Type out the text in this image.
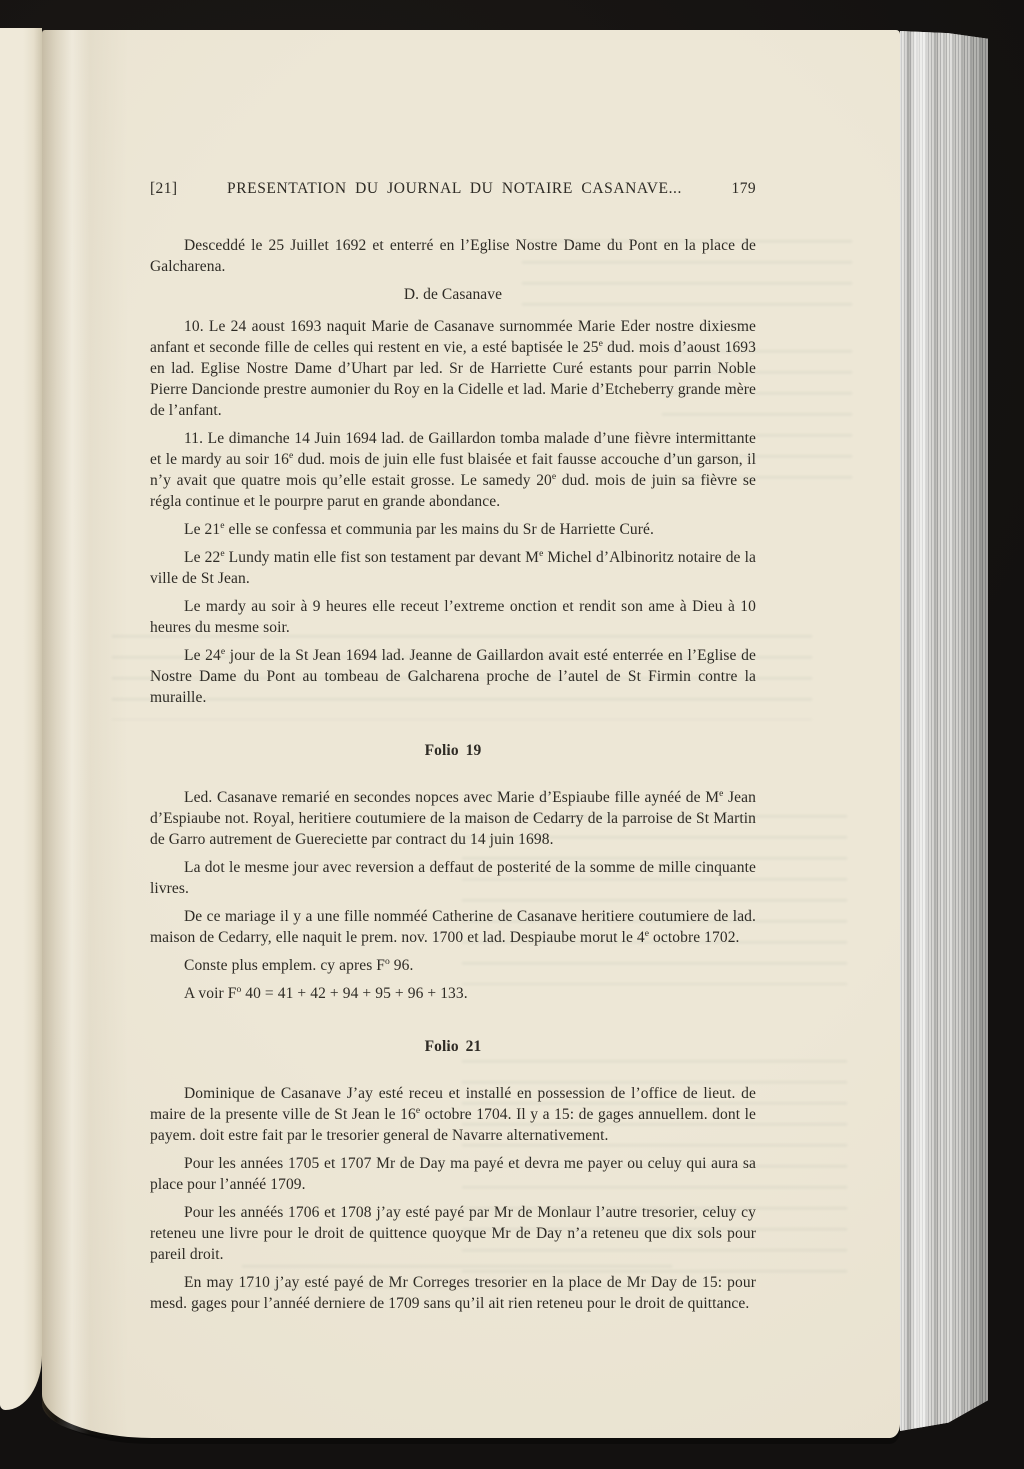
[21]	PRESENTATION DU JOURNAL DU NOTAIRE CASANAVE...	179
Desceddé le 25 Juillet 1692 et enterré en l’Eglise Nostre Dame du Pont en la place de Galcharena.
D. de Casanave
10. Le 24 aoust 1693 naquit Marie de Casanave surnommée Marie Eder nostre dixiesme anfant et seconde fille de celles qui restent en vie, a esté baptisée le 25e dud. mois d’aoust 1693 en lad. Eglise Nostre Dame d’Uhart par led. Sr de Harriette Curé estants pour parrin Noble Pierre Dancionde prestre aumonier du Roy en la Cidelle et lad. Marie d’Etcheberry grande mère de l’anfant.
11. Le dimanche 14 Juin 1694 lad. de Gaillardon tomba malade d’une fièvre intermittante et le mardy au soir 16e dud. mois de juin elle fust blaisée et fait fausse accouche d’un garson, il n’y avait que quatre mois qu’elle estait grosse. Le samedy 20e dud. mois de juin sa fièvre se régla continue et le pourpre parut en grande abondance.
Le 21e elle se confessa et communia par les mains du Sr de Harriette Curé.
Le 22e Lundy matin elle fist son testament par devant Me Michel d’Albinoritz notaire de la ville de St Jean.
Le mardy au soir à 9 heures elle receut l’extreme onction et rendit son ame à Dieu à 10 heures du mesme soir.
Le 24e jour de la St Jean 1694 lad. Jeanne de Gaillardon avait esté enterrée en l’Eglise de Nostre Dame du Pont au tombeau de Galcharena proche de l’autel de St Firmin contre la muraille.
Folio 19
Led. Casanave remarié en secondes nopces avec Marie d’Espiaube fille aynéé de Me Jean d’Espiaube not. Royal, heritiere coutumiere de la maison de Cedarry de la parroise de St Martin de Garro autrement de Guereciette par contract du 14 juin 1698.
La dot le mesme jour avec reversion a deffaut de posterité de la somme de mille cinquante livres.
De ce mariage il y a une fille nomméé Catherine de Casanave heritiere coutumiere de lad. maison de Cedarry, elle naquit le prem. nov. 1700 et lad. Despiaube morut le 4e octobre 1702.
Conste plus emplem. cy apres $F^o$ 96.
A voir $F^o$ 40 = 41 + 42 + 94 + 95 + 96 + 133.
Folio 21
Dominique de Casanave J’ay esté receu et installé en possession de l’office de lieut. de maire de la presente ville de St Jean le 16e octobre 1704. Il y a 15: de gages annuellem. dont le payem. doit estre fait par le tresorier general de Navarre alternativement.
Pour les années 1705 et 1707 Mr de Day ma payé et devra me payer ou celuy qui aura sa place pour l’annéé 1709.
Pour les annéés 1706 et 1708 j’ay esté payé par Mr de Monlaur l’autre tresorier, celuy cy reteneu une livre pour le droit de quittence quoyque Mr de Day n’a reteneu que dix sols pour pareil droit.
En may 1710 j’ay esté payé de Mr Correges tresorier en la place de Mr Day de 15: pour mesd. gages pour l’annéé derniere de 1709 sans qu’il ait rien reteneu pour le droit de quittance.
